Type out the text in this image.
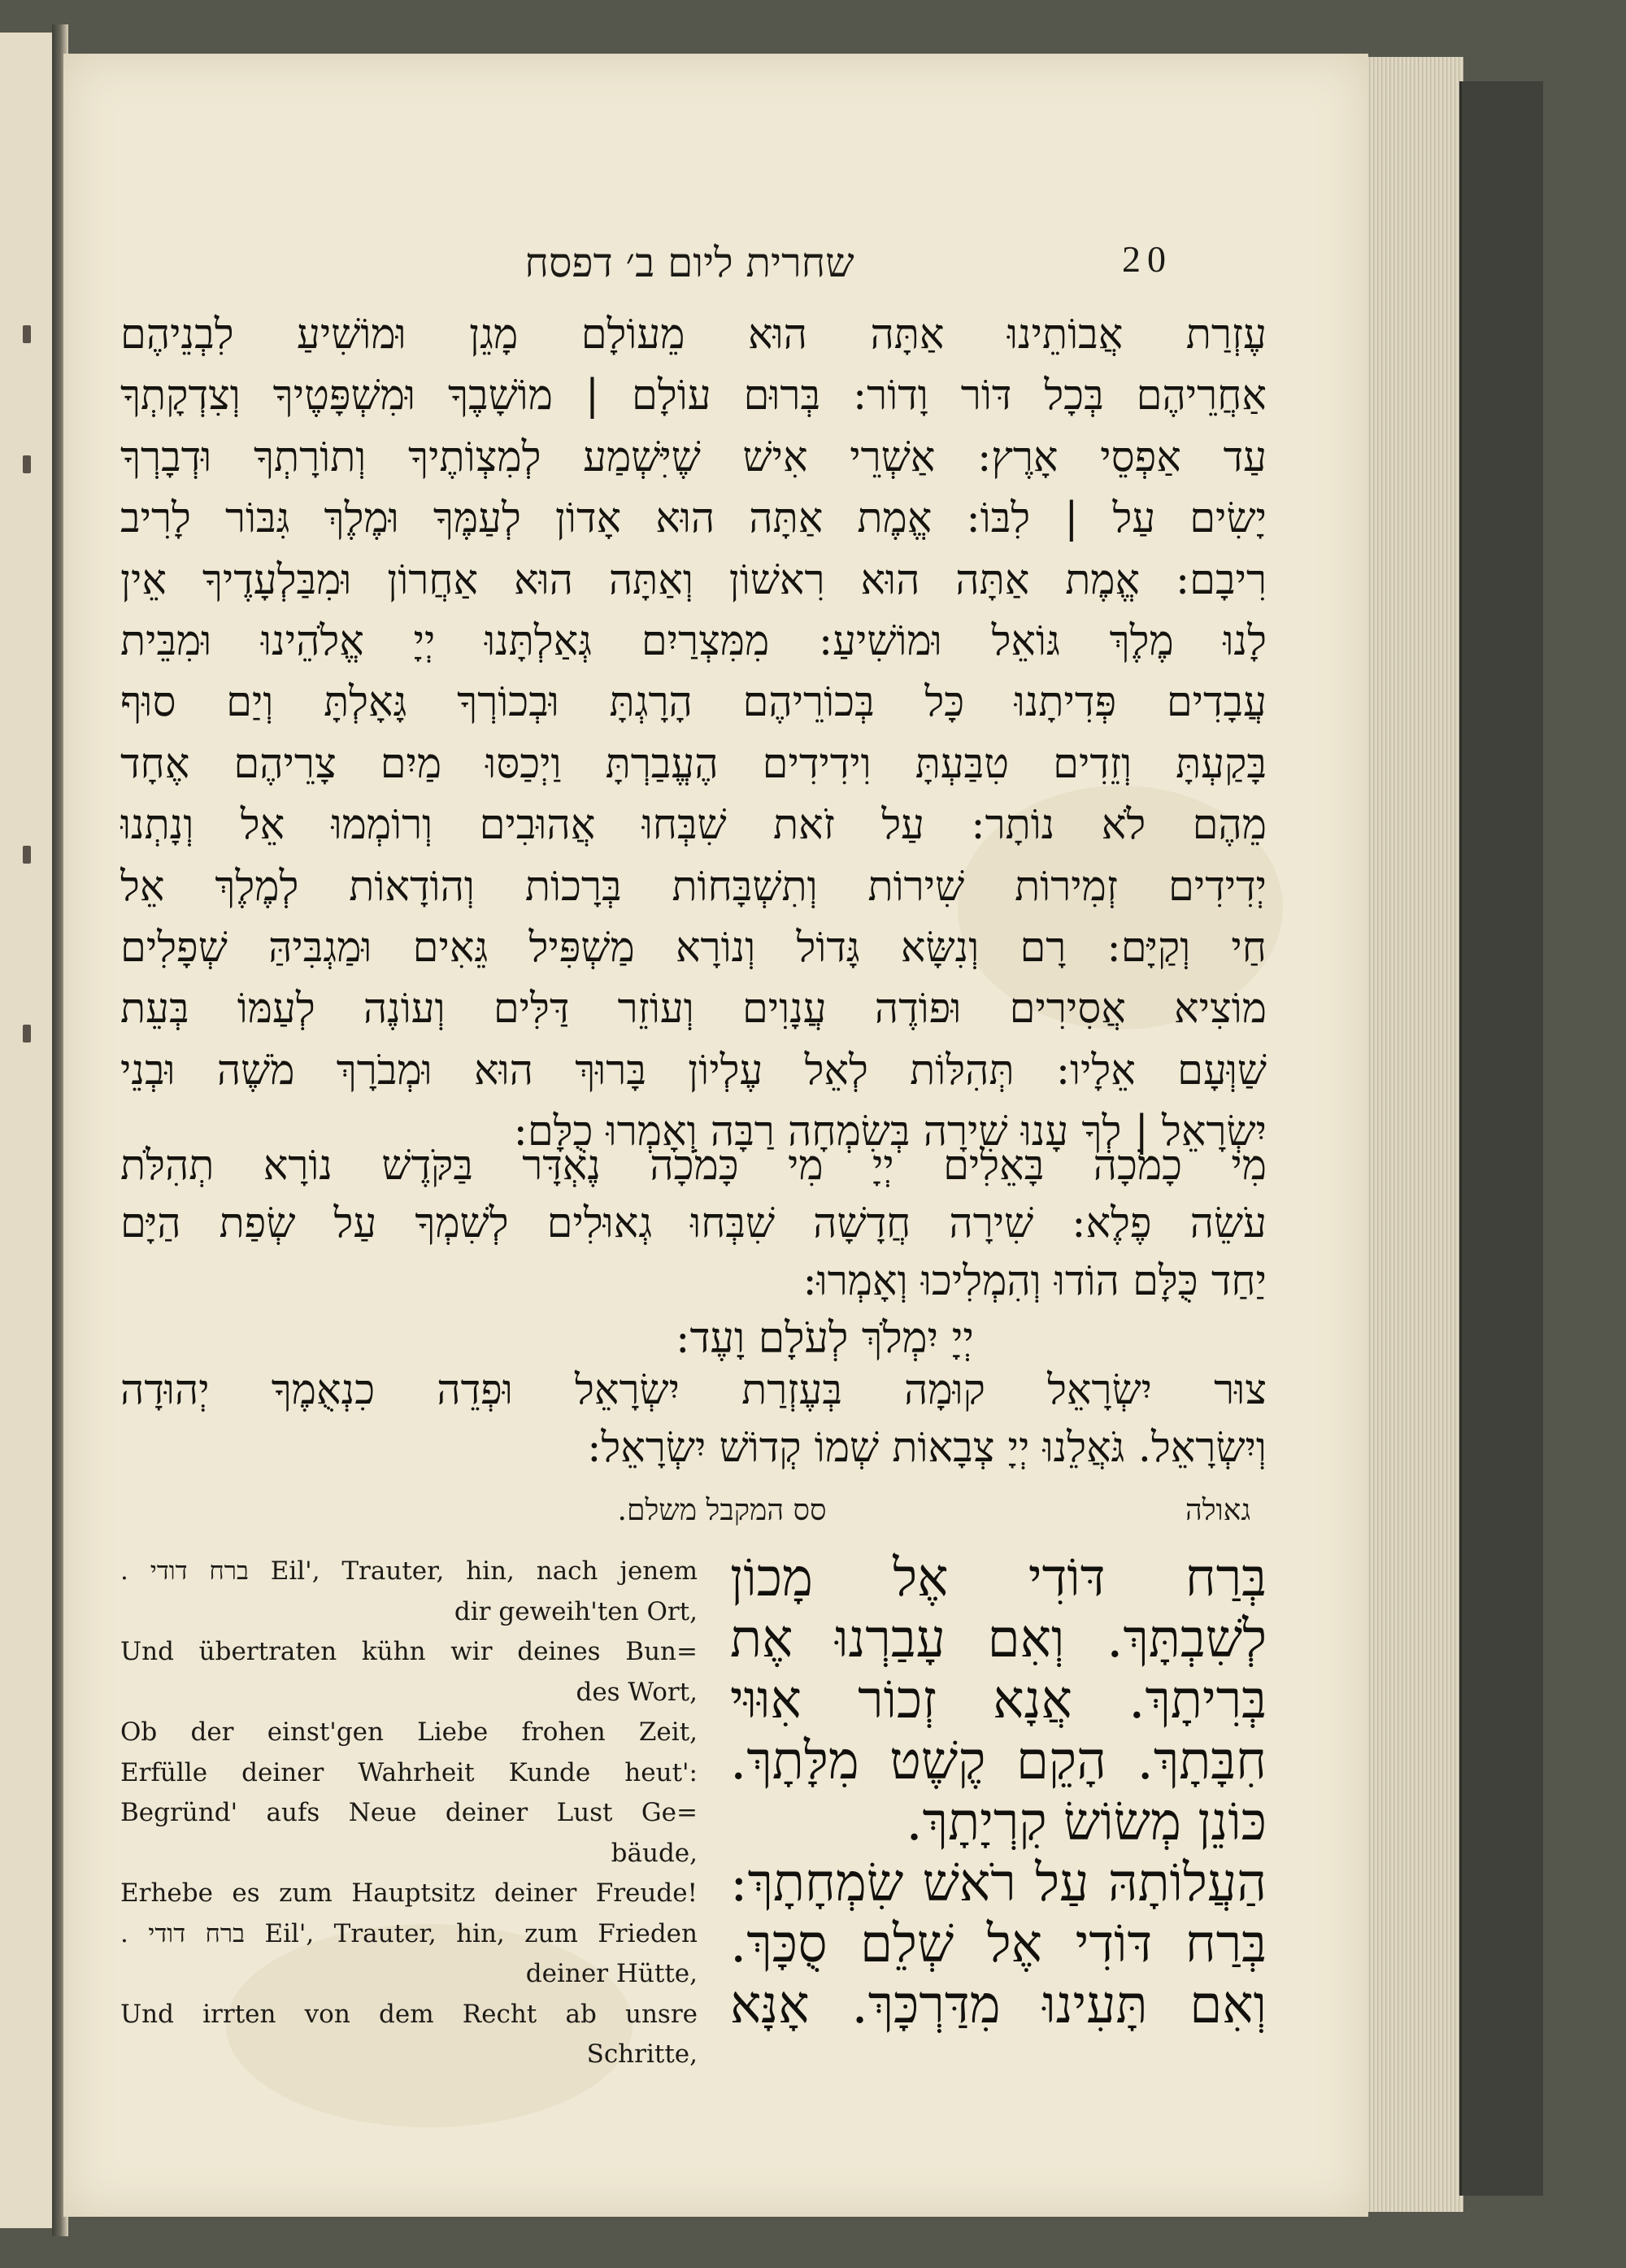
שחרית ליום ב׳ דפסח	20
עֶזְרַת אֲבוֹתֵינוּ אַתָּה הוּא מֵעוֹלָם מָגֵן וּמוֹשִׁיעַ לִבְנֵיהֶם
אַחֲרֵיהֶם בְּכָל דּוֹר וָדוֹר: בְּרוּם עוֹלָם | מוֹשָׁבֶךָ וּמִשְׁפָּטֶיךָ וְצִדְקָתְךָ
עַד אַפְסֵי אָרֶץ: אַשְׁרֵי אִישׁ שֶׁיִּשְׁמַע לְמִצְוֹתֶיךָ וְתוֹרָתְךָ וּדְבָרְךָ
יָשִׂים עַל | לִבּוֹ: אֱמֶת אַתָּה הוּא אָדוֹן לְעַמֶּךָ וּמֶלֶךְ גִּבּוֹר לָרִיב
רִיבָם: אֱמֶת אַתָּה הוּא רִאשׁוֹן וְאַתָּה הוּא אַחֲרוֹן וּמִבַּלְעָדֶיךָ אֵין
לָנוּ מֶלֶךְ גּוֹאֵל וּמוֹשִׁיעַ: מִמִּצְרַיִם גְּאַלְתָּנוּ יְיָ אֱלֹהֵינוּ וּמִבֵּית
עֲבָדִים פְּדִיתָנוּ כָּל בְּכוֹרֵיהֶם הָרָגְתָּ וּבְכוֹרְךָ גָּאָלְתָּ וְיַם סוּף
בָּקַעְתָּ וְזֵדִים טִבַּעְתָּ וִידִידִים הֶעֱבַרְתָּ וַיְכַסּוּ מַיִם צָרֵיהֶם אֶחָד
מֵהֶם לֹא נוֹתָר: עַל זֹאת שִׁבְּחוּ אֲהוּבִים וְרוֹמְמוּ אֵל וְנָתְנוּ
יְדִידִים זְמִירוֹת שִׁירוֹת וְתִשְׁבָּחוֹת בְּרָכוֹת וְהוֹדָאוֹת לְמֶלֶךְ אֵל
חַי וְקַיָּם: רָם וְנִשָּׂא גָּדוֹל וְנוֹרָא מַשְׁפִּיל גֵּאִים וּמַגְבִּיהַּ שְׁפָלִים
מוֹצִיא אֲסִירִים וּפוֹדֶה עֲנָוִים וְעוֹזֵר דַּלִּים וְעוֹנֶה לְעַמּוֹ בְּעֵת
שַׁוְּעָם אֵלָיו: תְּהִלּוֹת לְאֵל עֶלְיוֹן בָּרוּךְ הוּא וּמְבֹרָךְ מֹשֶׁה וּבְנֵי
יִשְׂרָאֵל | לְךָ עָנוּ שִׁירָה בְּשִׂמְחָה רַבָּה וְאָמְרוּ כֻלָּם:
מִי כָמֹכָה בָּאֵלִים יְיָ מִי כָּמֹכָה נֶאְדָּר בַּקֹּדֶשׁ נוֹרָא תְהִלֹּת
עֹשֵׂה פֶלֶא: שִׁירָה חֲדָשָׁה שִׁבְּחוּ גְאוּלִים לְשִׁמְךָ עַל שְׂפַת הַיָּם
יַחַד כֻּלָּם הוֹדוּ וְהִמְלִיכוּ וְאָמְרוּ:
יְיָ יִמְלֹךְ לְעֹלָם וָעֶד:
צוּר יִשְׂרָאֵל קוּמָה בְּעֶזְרַת יִשְׂרָאֵל וּפְדֵה כִנְאֻמֶךָ יְהוּדָה
וְיִשְׂרָאֵל. גֹּאֲלֵנוּ יְיָ צְבָאוֹת שְׁמוֹ קְדוֹשׁ יִשְׂרָאֵל:
גאולה
סס המקבל משלם.
. ברח דודי Eil', Trauter, hin, nach jenem
dir geweih'ten Ort,
Und übertraten kühn wir deines Bun=
des Wort,
Ob der einst'gen Liebe frohen Zeit,
Erfülle deiner Wahrheit Kunde heut':
Begründ' aufs Neue deiner Lust Ge=
bäude,
Erhebe es zum Hauptsitz deiner Freude!
. ברח דודי Eil', Trauter, hin, zum Frieden
deiner Hütte,
Und irrten von dem Recht ab unsre
Schritte,
בְּרַח דּוֹדִי אֶל מָכוֹן
לְשִׁבְתָּךְ. וְאִם עָבַרְנוּ אֶת
בְּרִיתָךְ. אֲנָא זְכוֹר אִוּוּי
חִבָּתָךְ. הָקֵם קֶשֶׁט מִלָּתָךְ.
כּוֹנֵן מְשׂוֹשׂ קִרְיָתָךְ.
הַעֲלוֹתָהּ עַל רֹאשׁ שִׂמְחָתָךְ:
בְּרַח דּוֹדִי אֶל שְׁלֵם סֻכָּךְ.
וְאִם תָּעִינוּ מִדַּרְכָּךְ. אָנָּא
